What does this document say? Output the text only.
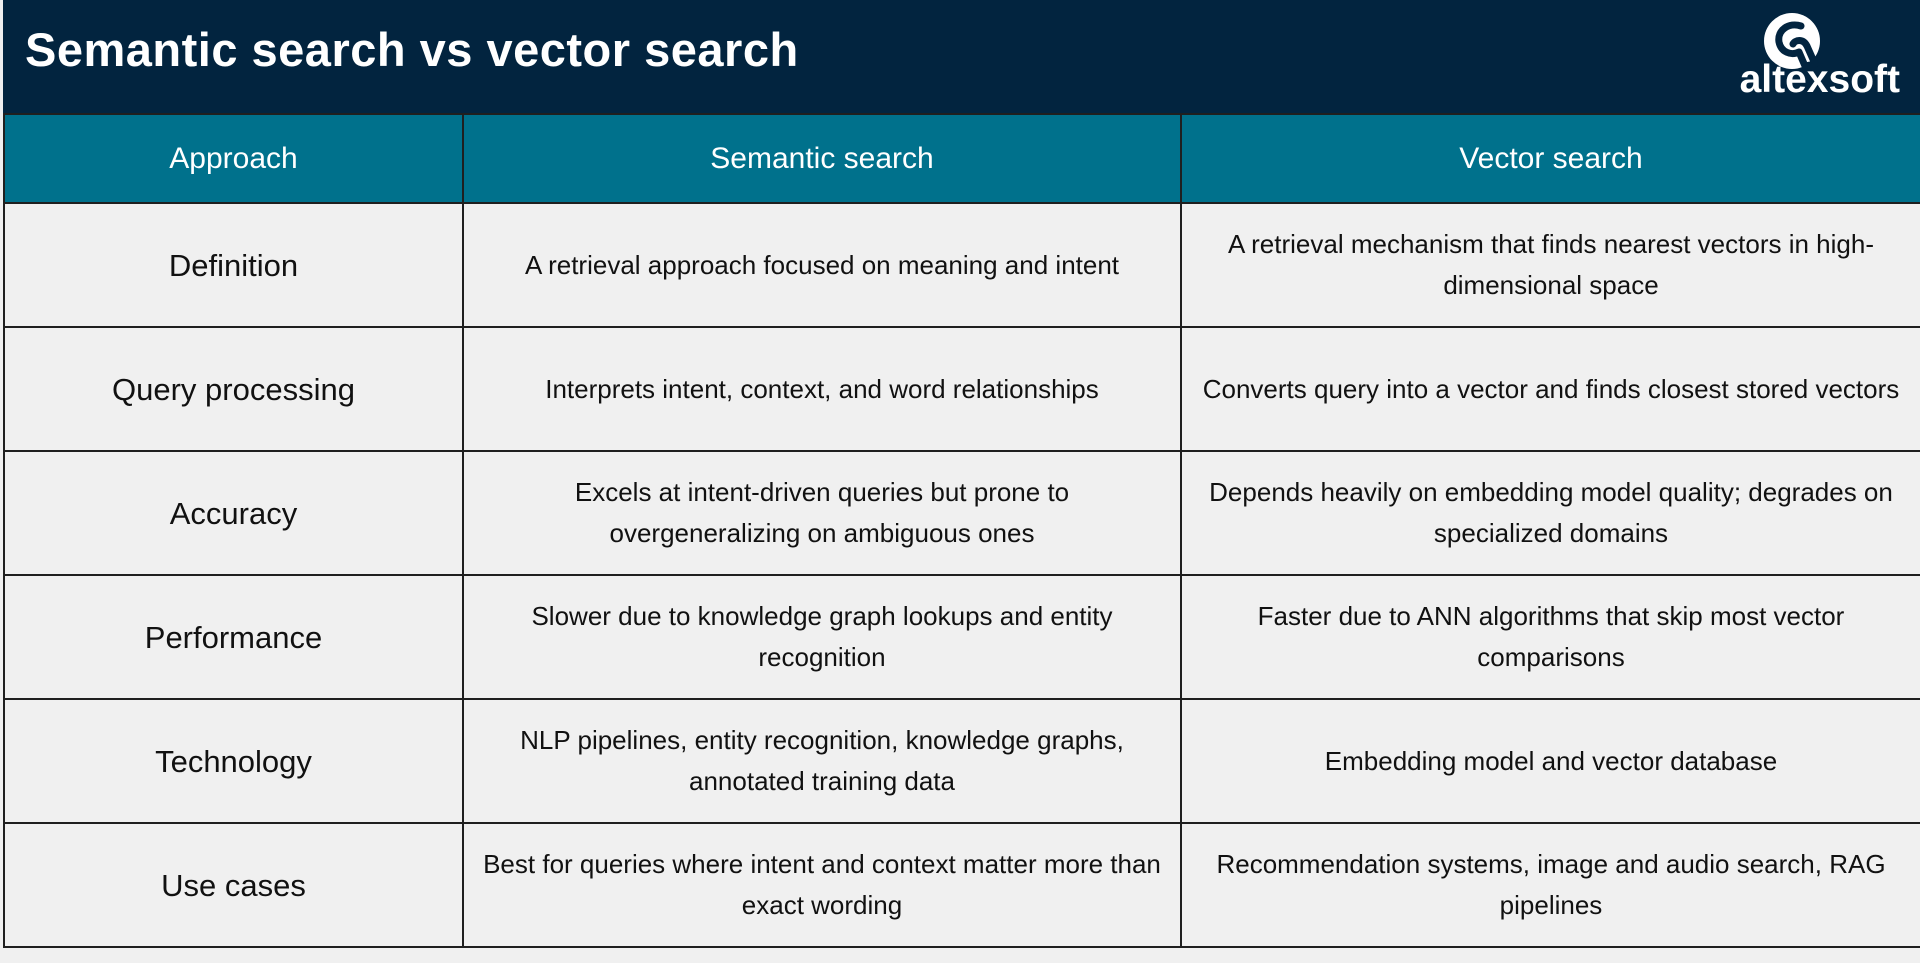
Semantic search vs vector search
altexsoft
Approach	Semantic search	Vector search
Definition	A retrieval approach focused on meaning and intent	A retrieval mechanism that finds nearest vectors in high-dimensional space
Query processing	Interprets intent, context, and word relationships	Converts query into a vector and finds closest stored vectors
Accuracy	Excels at intent-driven queries but prone to overgeneralizing on ambiguous ones	Depends heavily on embedding model quality; degrades on specialized domains
Performance	Slower due to knowledge graph lookups and entity recognition	Faster due to ANN algorithms that skip most vector comparisons
Technology	NLP pipelines, entity recognition, knowledge graphs, annotated training data	Embedding model and vector database
Use cases	Best for queries where intent and context matter more than exact wording	Recommendation systems, image and audio search, RAG pipelines
